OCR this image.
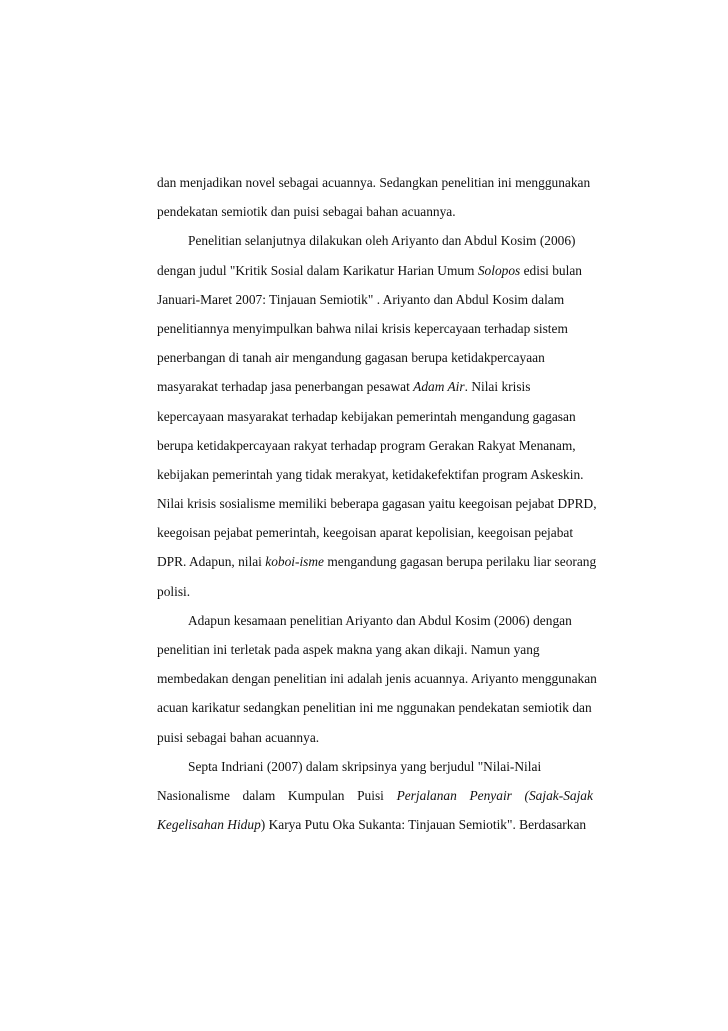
dan menjadikan novel sebagai acuannya. Sedangkan penelitian ini menggunakan
pendekatan semiotik dan puisi sebagai bahan acuannya.
Penelitian selanjutnya dilakukan oleh Ariyanto dan Abdul Kosim (2006)
dengan judul "Kritik Sosial dalam Karikatur Harian Umum Solopos edisi bulan
Januari-Maret 2007: Tinjauan Semiotik" . Ariyanto dan Abdul Kosim dalam
penelitiannya menyimpulkan bahwa nilai krisis kepercayaan terhadap sistem
penerbangan di tanah air mengandung gagasan berupa ketidakpercayaan
masyarakat terhadap jasa penerbangan pesawat Adam Air. Nilai krisis
kepercayaan masyarakat terhadap kebijakan pemerintah mengandung gagasan
berupa ketidakpercayaan rakyat terhadap program Gerakan Rakyat Menanam,
kebijakan pemerintah yang tidak merakyat, ketidakefektifan program Askeskin.
Nilai krisis sosialisme memiliki beberapa gagasan yaitu keegoisan pejabat DPRD,
keegoisan pejabat pemerintah, keegoisan aparat kepolisian, keegoisan pejabat
DPR. Adapun, nilai koboi-isme mengandung gagasan berupa perilaku liar seorang
polisi.
Adapun kesamaan penelitian Ariyanto dan Abdul Kosim (2006) dengan
penelitian ini terletak pada aspek makna yang akan dikaji. Namun yang
membedakan dengan penelitian ini adalah jenis acuannya. Ariyanto menggunakan
acuan karikatur sedangkan penelitian ini me nggunakan pendekatan semiotik dan
puisi sebagai bahan acuannya.
Septa Indriani (2007) dalam skripsinya yang berjudul "Nilai-Nilai
Nasionalisme dalam Kumpulan Puisi Perjalanan Penyair (Sajak-Sajak
Kegelisahan Hidup) Karya Putu Oka Sukanta: Tinjauan Semiotik". Berdasarkan
